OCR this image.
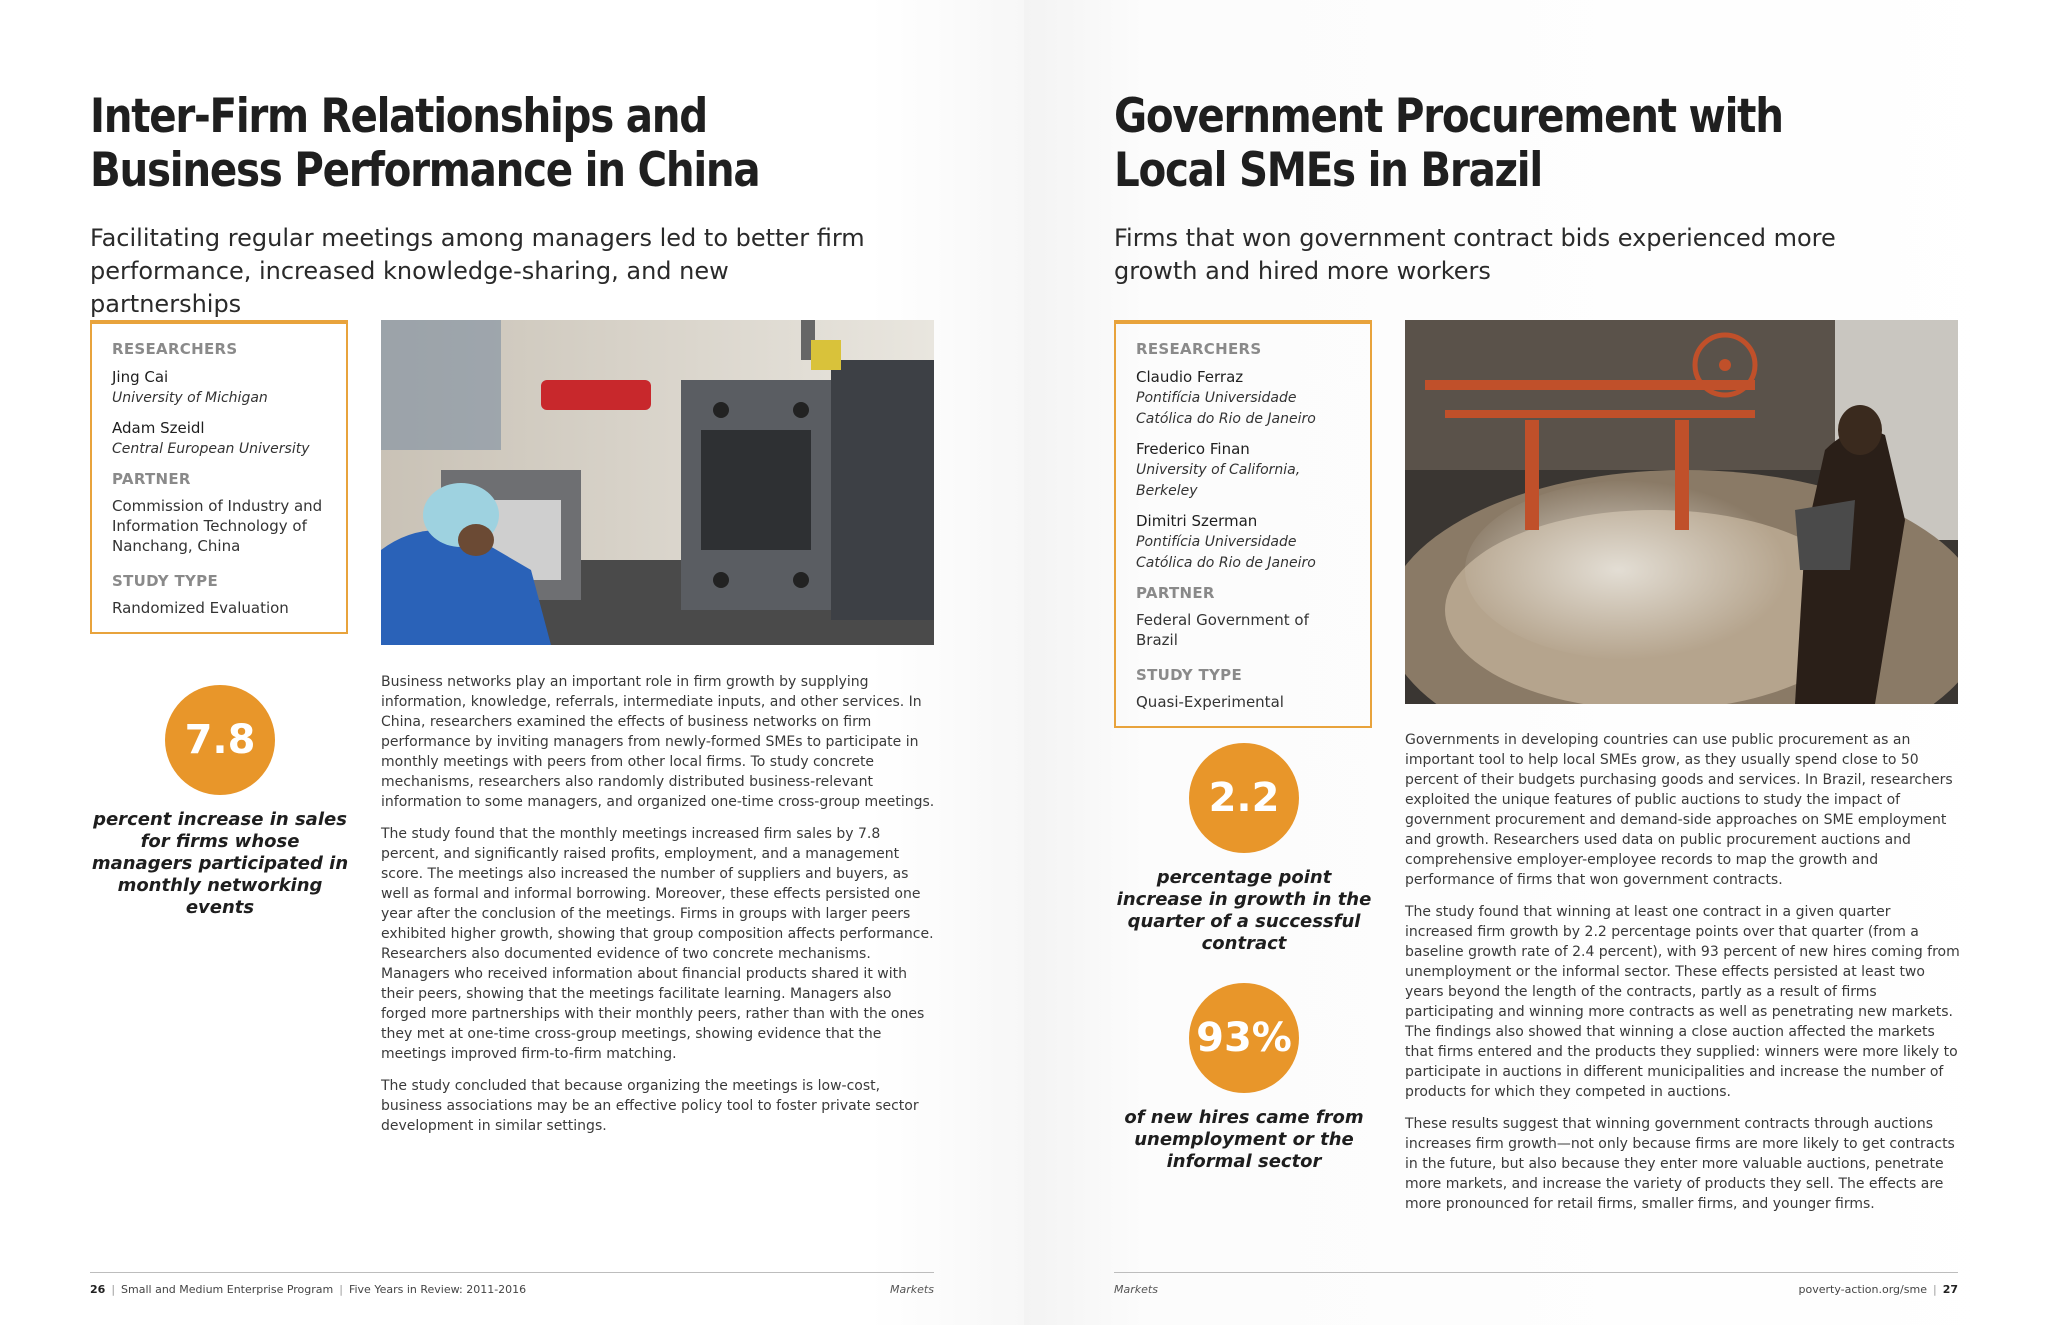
Inter-Firm Relationships and Business Performance in China

Facilitating regular meetings among managers led to better firm performance, increased knowledge-sharing, and new partnerships

RESEARCHERS

Jing Cai

University of Michigan

Adam Szeidl

Central European University

PARTNER

Commission of Industry and Information Technology of Nanchang, China

STUDY TYPE

Randomized Evaluation

7.8

percent increase in sales for firms whose managers participated in monthly networking events

Business networks play an important role in firm growth by supplying information, knowledge, referrals, intermediate inputs, and other services. In China, researchers examined the effects of business networks on firm performance by inviting managers from newly-formed SMEs to participate in monthly meetings with peers from other local firms. To study concrete mechanisms, researchers also randomly distributed business-relevant information to some managers, and organized one-time cross-group meetings.

The study found that the monthly meetings increased firm sales by 7.8 percent, and significantly raised profits, employment, and a management score. The meetings also increased the number of suppliers and buyers, as well as formal and informal borrowing. Moreover, these effects persisted one year after the conclusion of the meetings. Firms in groups with larger peers exhibited higher growth, showing that group composition affects performance. Researchers also documented evidence of two concrete mechanisms. Managers who received information about financial products shared it with their peers, showing that the meetings facilitate learning. Managers also forged more partnerships with their monthly peers, rather than with the ones they met at one-time cross-group meetings, showing evidence that the meetings improved firm-to-firm matching.

The study concluded that because organizing the meetings is low-cost, business associations may be an effective policy tool to foster private sector development in similar settings.

26 | Small and Medium Enterprise Program | Five Years in Review: 2011-2016	Markets
Government Procurement with Local SMEs in Brazil

Firms that won government contract bids experienced more growth and hired more workers

RESEARCHERS

Claudio Ferraz

Pontifícia Universidade Católica do Rio de Janeiro

Frederico Finan

University of California, Berkeley

Dimitri Szerman

Pontifícia Universidade Católica do Rio de Janeiro

PARTNER

Federal Government of Brazil

STUDY TYPE

Quasi-Experimental

2.2

percentage point increase in growth in the quarter of a successful contract

93%

of new hires came from unemployment or the informal sector

Governments in developing countries can use public procurement as an important tool to help local SMEs grow, as they usually spend close to 50 percent of their budgets purchasing goods and services. In Brazil, researchers exploited the unique features of public auctions to study the impact of government procurement and demand-side approaches on SME employment and growth. Researchers used data on public procurement auctions and comprehensive employer-employee records to map the growth and performance of firms that won government contracts.

The study found that winning at least one contract in a given quarter increased firm growth by 2.2 percentage points over that quarter (from a baseline growth rate of 2.4 percent), with 93 percent of new hires coming from unemployment or the informal sector. These effects persisted at least two years beyond the length of the contracts, partly as a result of firms participating and winning more contracts as well as penetrating new markets. The findings also showed that winning a close auction affected the markets that firms entered and the products they supplied: winners were more likely to participate in auctions in different municipalities and increase the number of products for which they competed in auctions.

These results suggest that winning government contracts through auctions increases firm growth—not only because firms are more likely to get contracts in the future, but also because they enter more valuable auctions, penetrate more markets, and increase the variety of products they sell. The effects are more pronounced for retail firms, smaller firms, and younger firms.

Markets	poverty-action.org/sme | 27
